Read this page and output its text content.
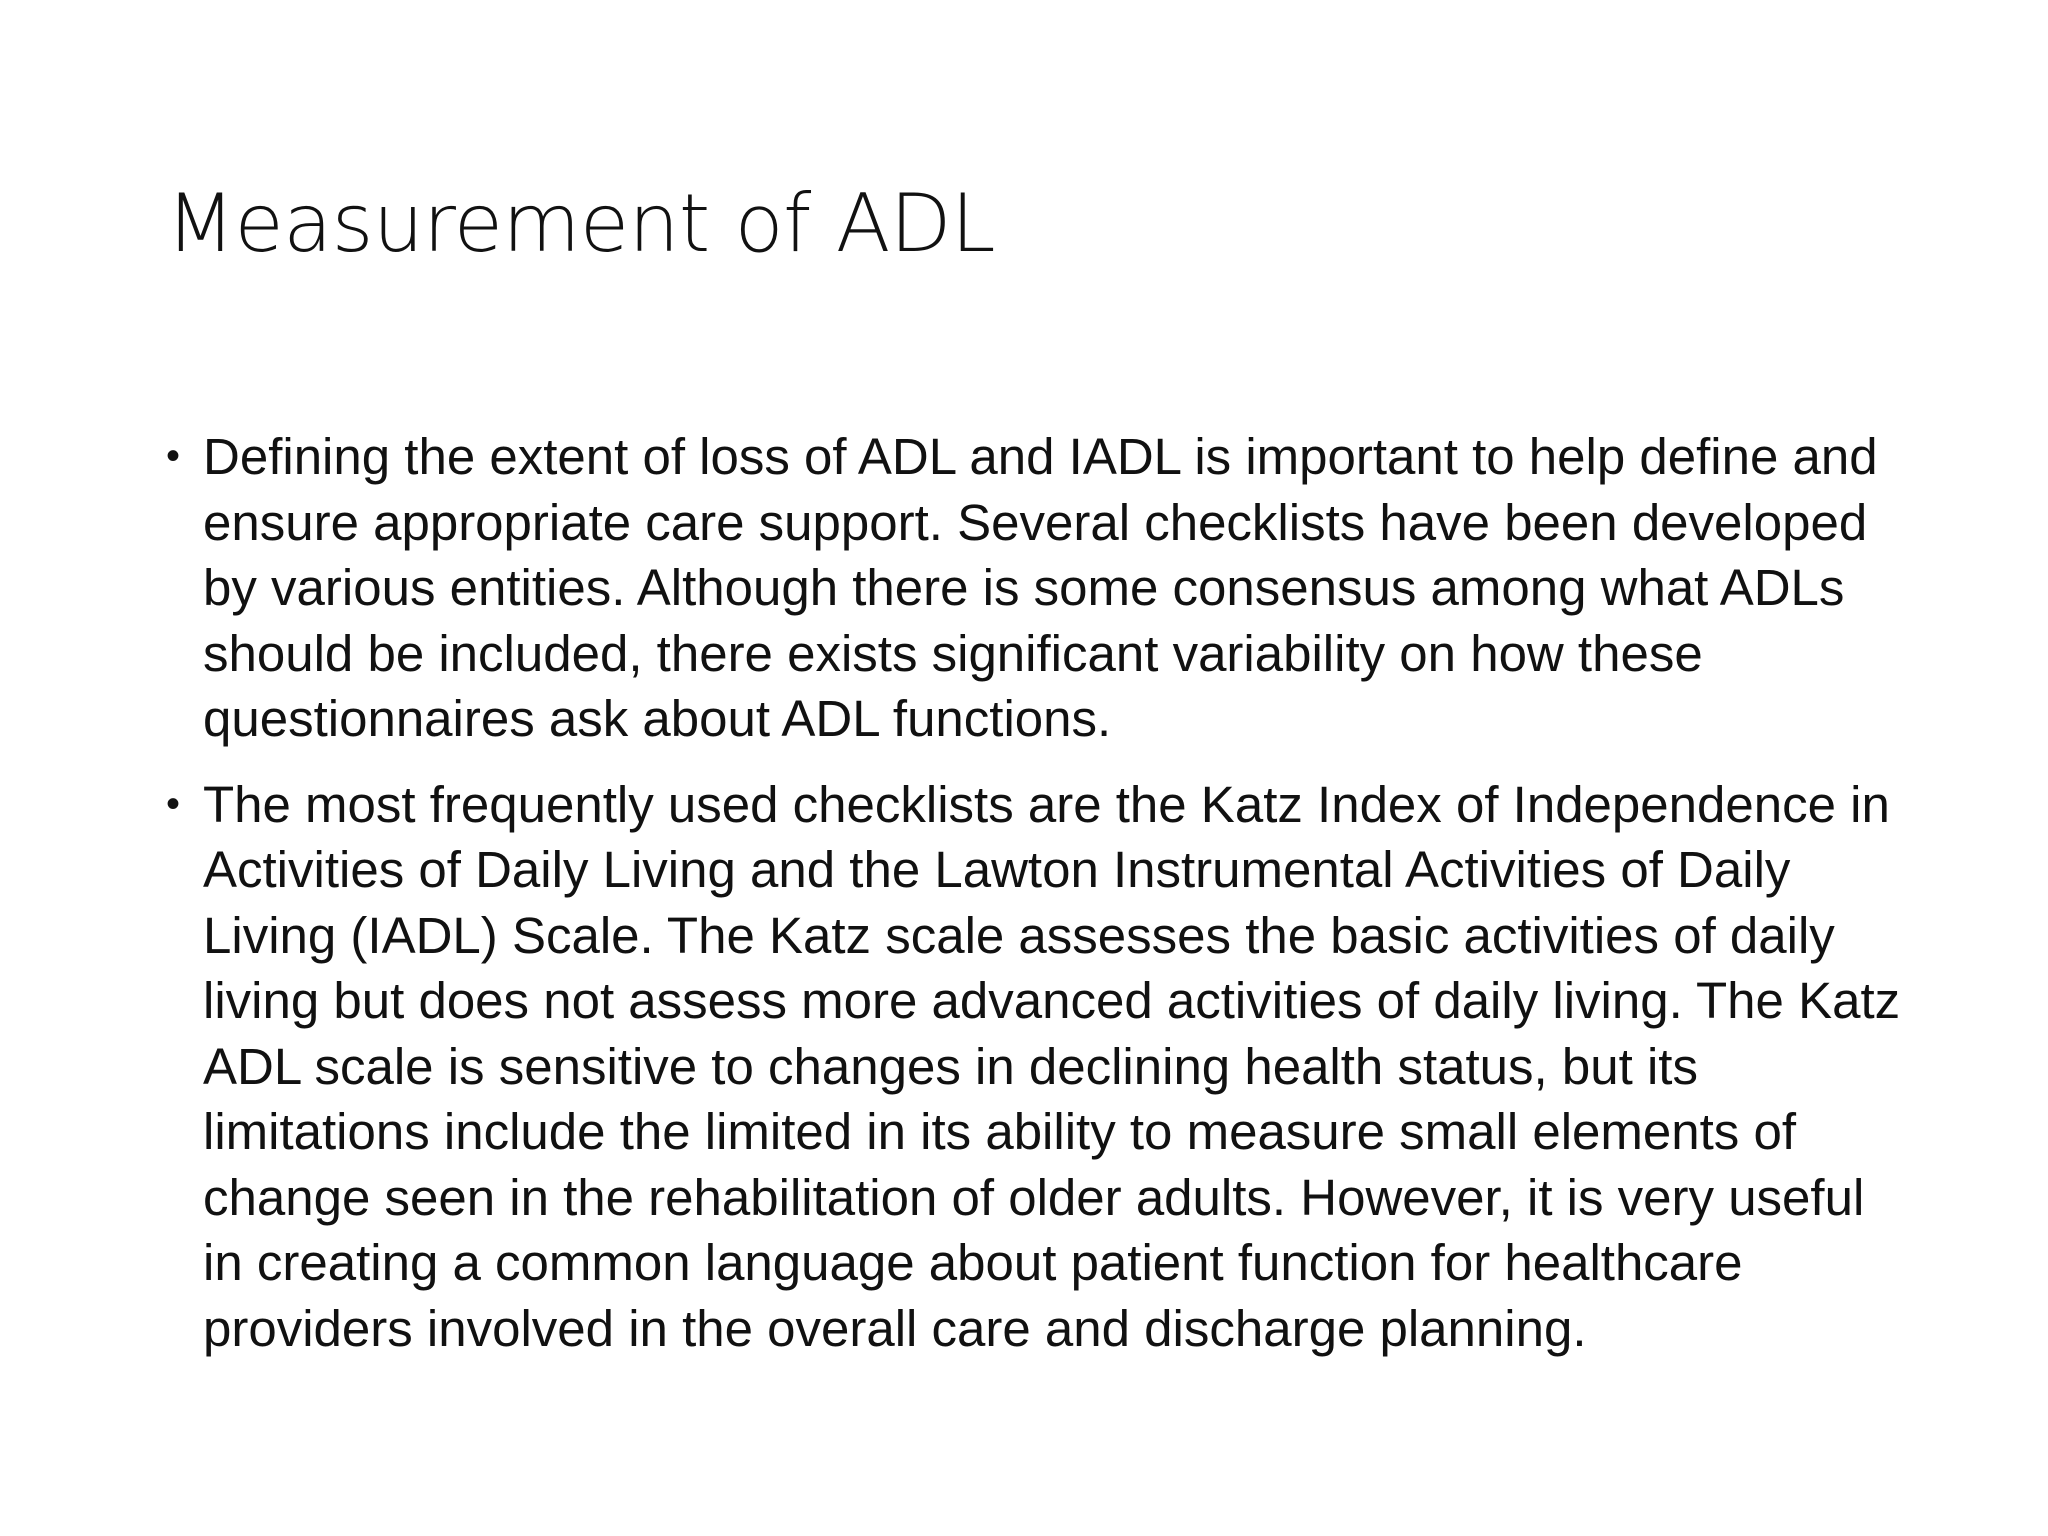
Measurement of ADL
• Defining the extent of loss of ADL and IADL is important to help define and ensure appropriate care support. Several checklists have been developed by various entities. Although there is some consensus among what ADLs should be included, there exists significant variability on how these questionnaires ask about ADL functions.
• The most frequently used checklists are the Katz Index of Independence in Activities of Daily Living and the Lawton Instrumental Activities of Daily Living (IADL) Scale. The Katz scale assesses the basic activities of daily living but does not assess more advanced activities of daily living. The Katz ADL scale is sensitive to changes in declining health status, but its limitations include the limited in its ability to measure small elements of change seen in the rehabilitation of older adults. However, it is very useful in creating a common language about patient function for healthcare providers involved in the overall care and discharge planning.
